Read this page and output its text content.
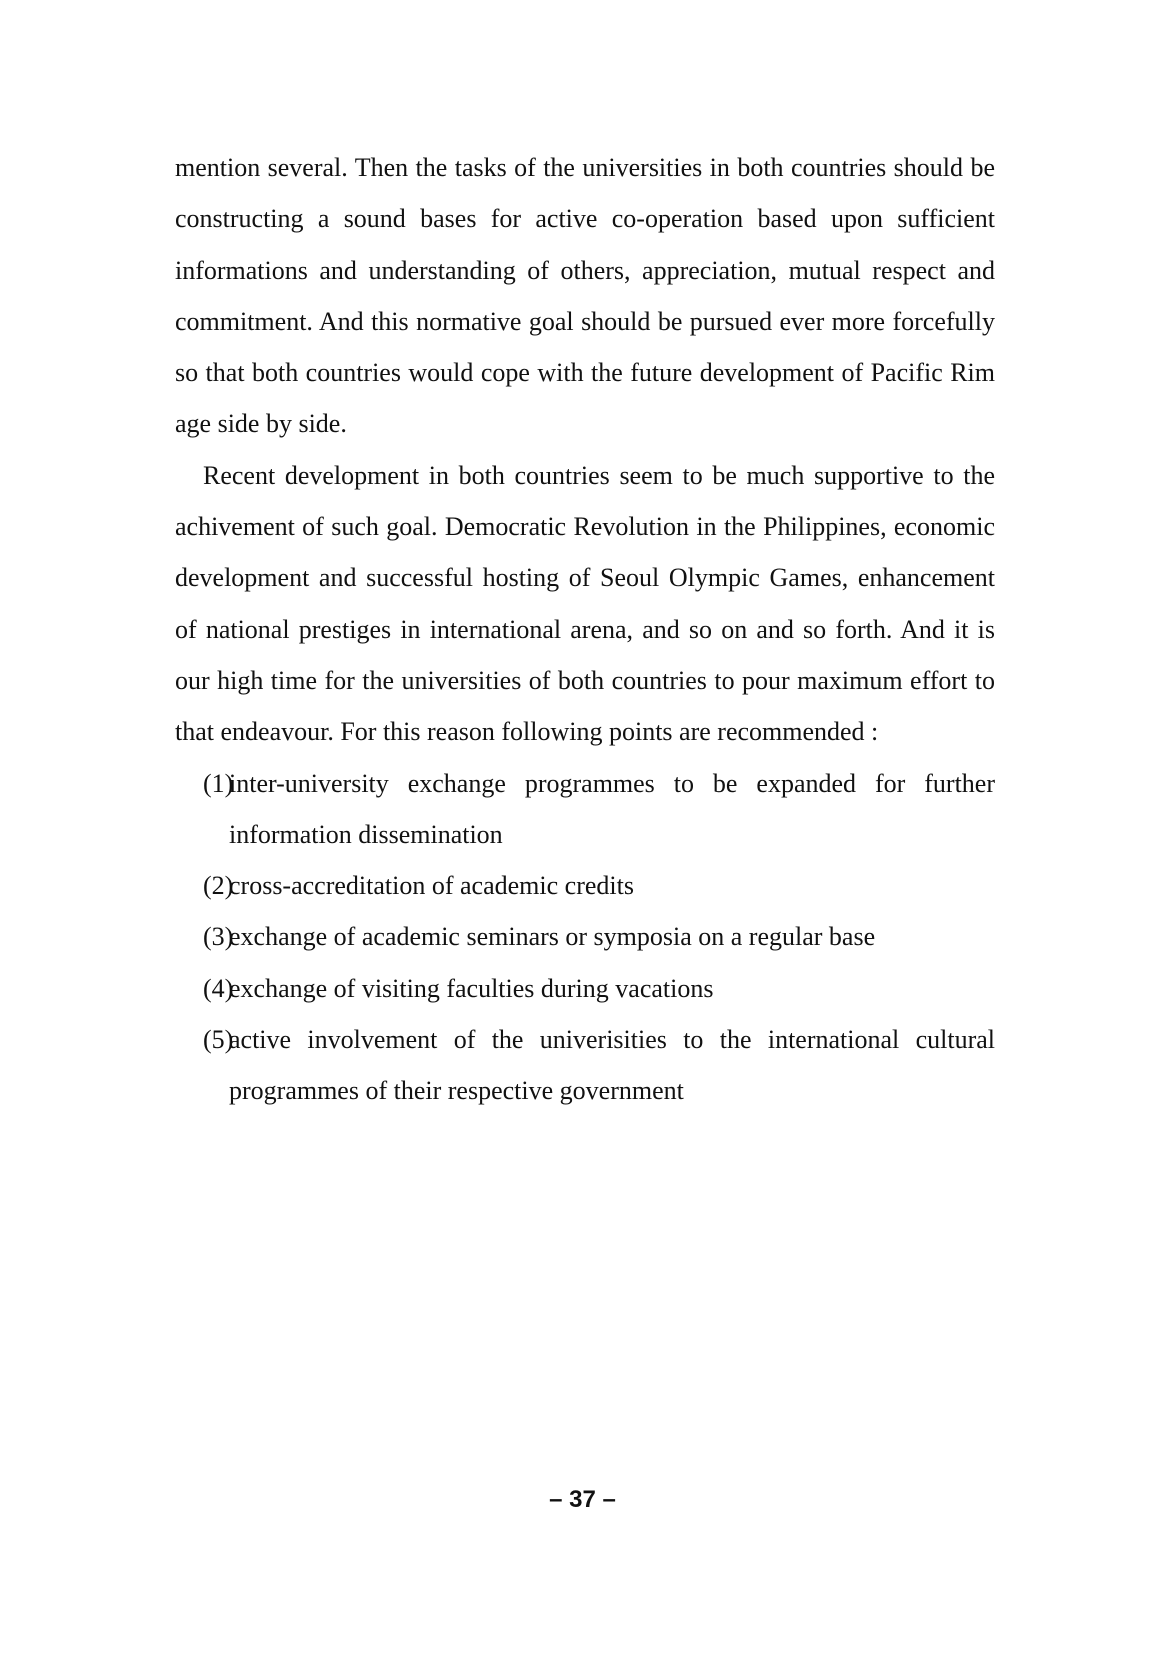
mention several. Then the tasks of the universities in both countries should be constructing a sound bases for active co-operation based upon sufficient informations and understanding of others, appreciation, mutual respect and commitment. And this normative goal should be pursued ever more forcefully so that both countries would cope with the future development of Pacific Rim age side by side.

Recent development in both countries seem to be much supportive to the achivement of such goal. Democratic Revolution in the Philippines, economic development and successful hosting of Seoul Olympic Games, enhancement of national prestiges in international arena, and so on and so forth. And it is our high time for the universities of both countries to pour maximum effort to that endeavour. For this reason following points are recommended :

(1)
inter-university exchange programmes to be expanded for further information dissemination
(2)
cross-accreditation of academic credits
(3)
exchange of academic seminars or symposia on a regular base
(4)
exchange of visiting faculties during vacations
(5)
active involvement of the univerisities to the international cultural programmes of their respective government
– 37 –
